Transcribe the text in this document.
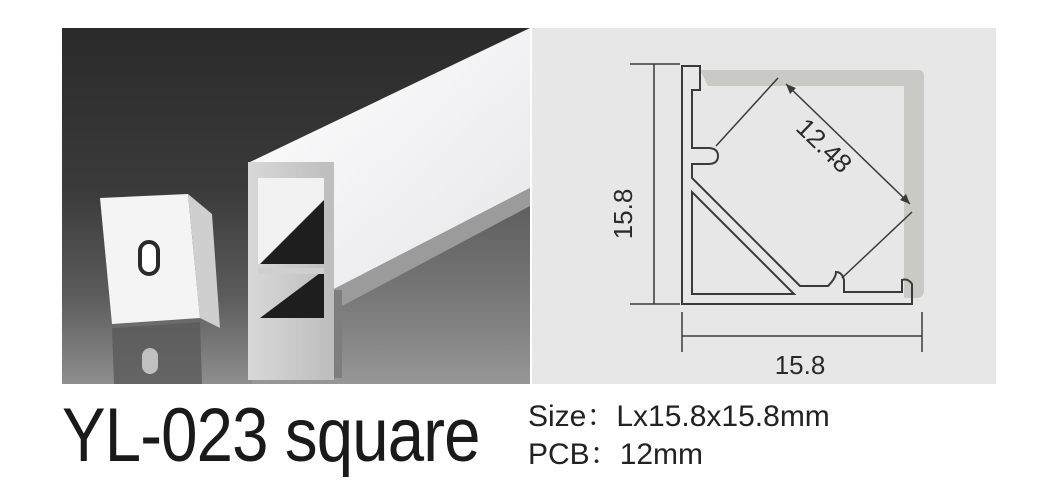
15.8
15.8
12.48
YL-023 square Size：Lx15.8x15.8mm
PCB：12mm
